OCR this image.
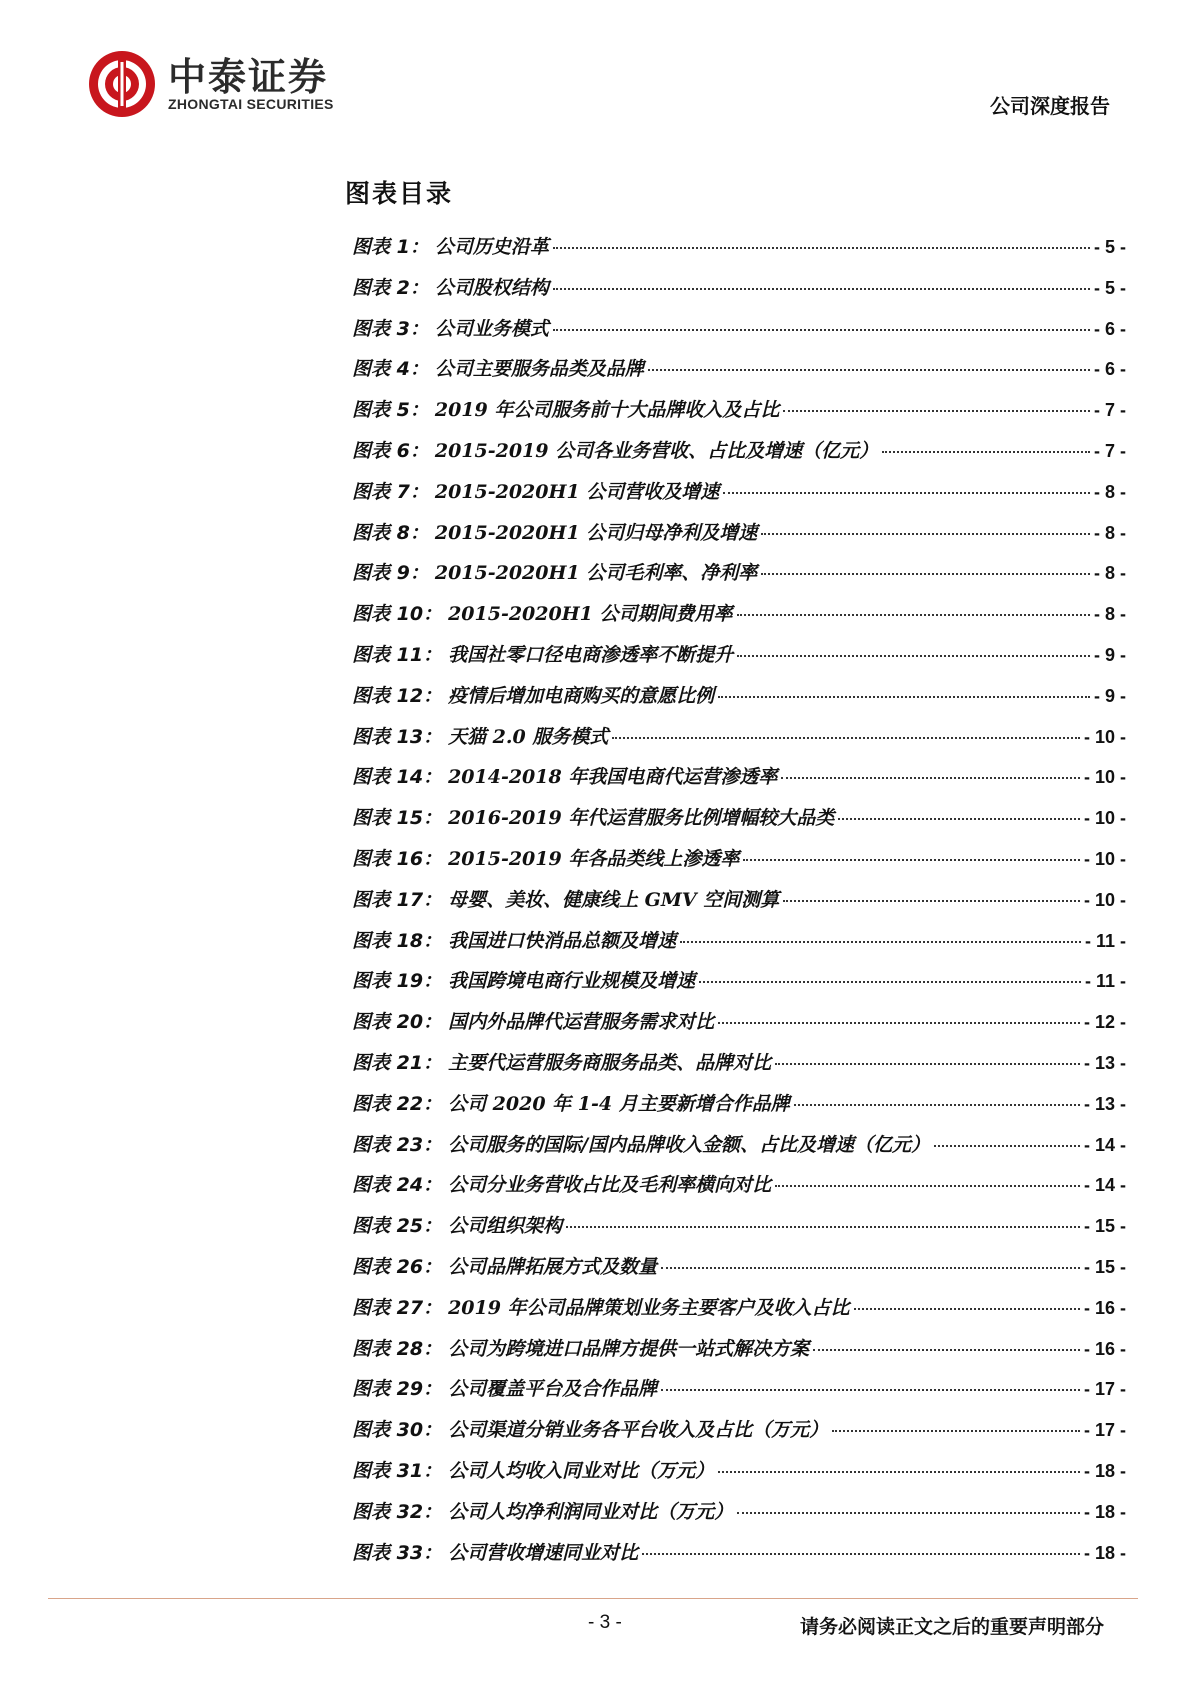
中泰证券
ZHONGTAI SECURITIES	公司深度报告
图表目录
图表 1： 公司历史沿革	- 5 -
图表 2： 公司股权结构	- 5 -
图表 3： 公司业务模式	- 6 -
图表 4： 公司主要服务品类及品牌	- 6 -
图表 5： 2019 年公司服务前十大品牌收入及占比	- 7 -
图表 6： 2015-2019 公司各业务营收、占比及增速（亿元）	- 7 -
图表 7： 2015-2020H1 公司营收及增速	- 8 -
图表 8： 2015-2020H1 公司归母净利及增速	- 8 -
图表 9： 2015-2020H1 公司毛利率、净利率	- 8 -
图表 10： 2015-2020H1 公司期间费用率	- 8 -
图表 11： 我国社零口径电商渗透率不断提升	- 9 -
图表 12： 疫情后增加电商购买的意愿比例	- 9 -
图表 13： 天猫 2.0 服务模式	- 10 -
图表 14： 2014-2018 年我国电商代运营渗透率	- 10 -
图表 15： 2016-2019 年代运营服务比例增幅较大品类	- 10 -
图表 16： 2015-2019 年各品类线上渗透率	- 10 -
图表 17： 母婴、美妆、健康线上 GMV 空间测算	- 10 -
图表 18： 我国进口快消品总额及增速	- 11 -
图表 19： 我国跨境电商行业规模及增速	- 11 -
图表 20： 国内外品牌代运营服务需求对比	- 12 -
图表 21： 主要代运营服务商服务品类、品牌对比	- 13 -
图表 22： 公司 2020 年 1-4 月主要新增合作品牌	- 13 -
图表 23： 公司服务的国际/国内品牌收入金额、占比及增速（亿元）	- 14 -
图表 24： 公司分业务营收占比及毛利率横向对比	- 14 -
图表 25： 公司组织架构	- 15 -
图表 26： 公司品牌拓展方式及数量	- 15 -
图表 27： 2019 年公司品牌策划业务主要客户及收入占比	- 16 -
图表 28： 公司为跨境进口品牌方提供一站式解决方案	- 16 -
图表 29： 公司覆盖平台及合作品牌	- 17 -
图表 30： 公司渠道分销业务各平台收入及占比（万元）	- 17 -
图表 31： 公司人均收入同业对比（万元）	- 18 -
图表 32： 公司人均净利润同业对比（万元）	- 18 -
图表 33： 公司营收增速同业对比	- 18 -
- 3 -	请务必阅读正文之后的重要声明部分
